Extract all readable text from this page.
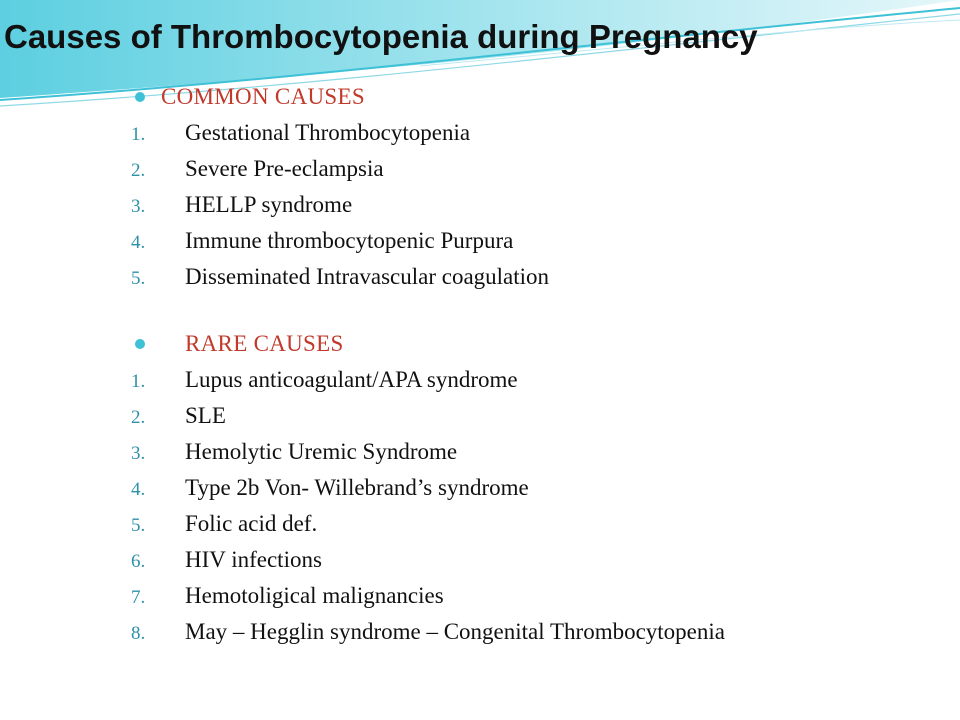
Causes of Thrombocytopenia during Pregnancy
COMMON CAUSES
1. Gestational Thrombocytopenia
2. Severe Pre-eclampsia
3. HELLP syndrome
4. Immune thrombocytopenic Purpura
5. Disseminated Intravascular coagulation
RARE CAUSES
1. Lupus anticoagulant/APA syndrome
2. SLE
3. Hemolytic Uremic Syndrome
4. Type 2b Von- Willebrand’s syndrome
5. Folic acid def.
6. HIV infections
7. Hemotoligical malignancies
8. May – Hegglin syndrome – Congenital Thrombocytopenia
